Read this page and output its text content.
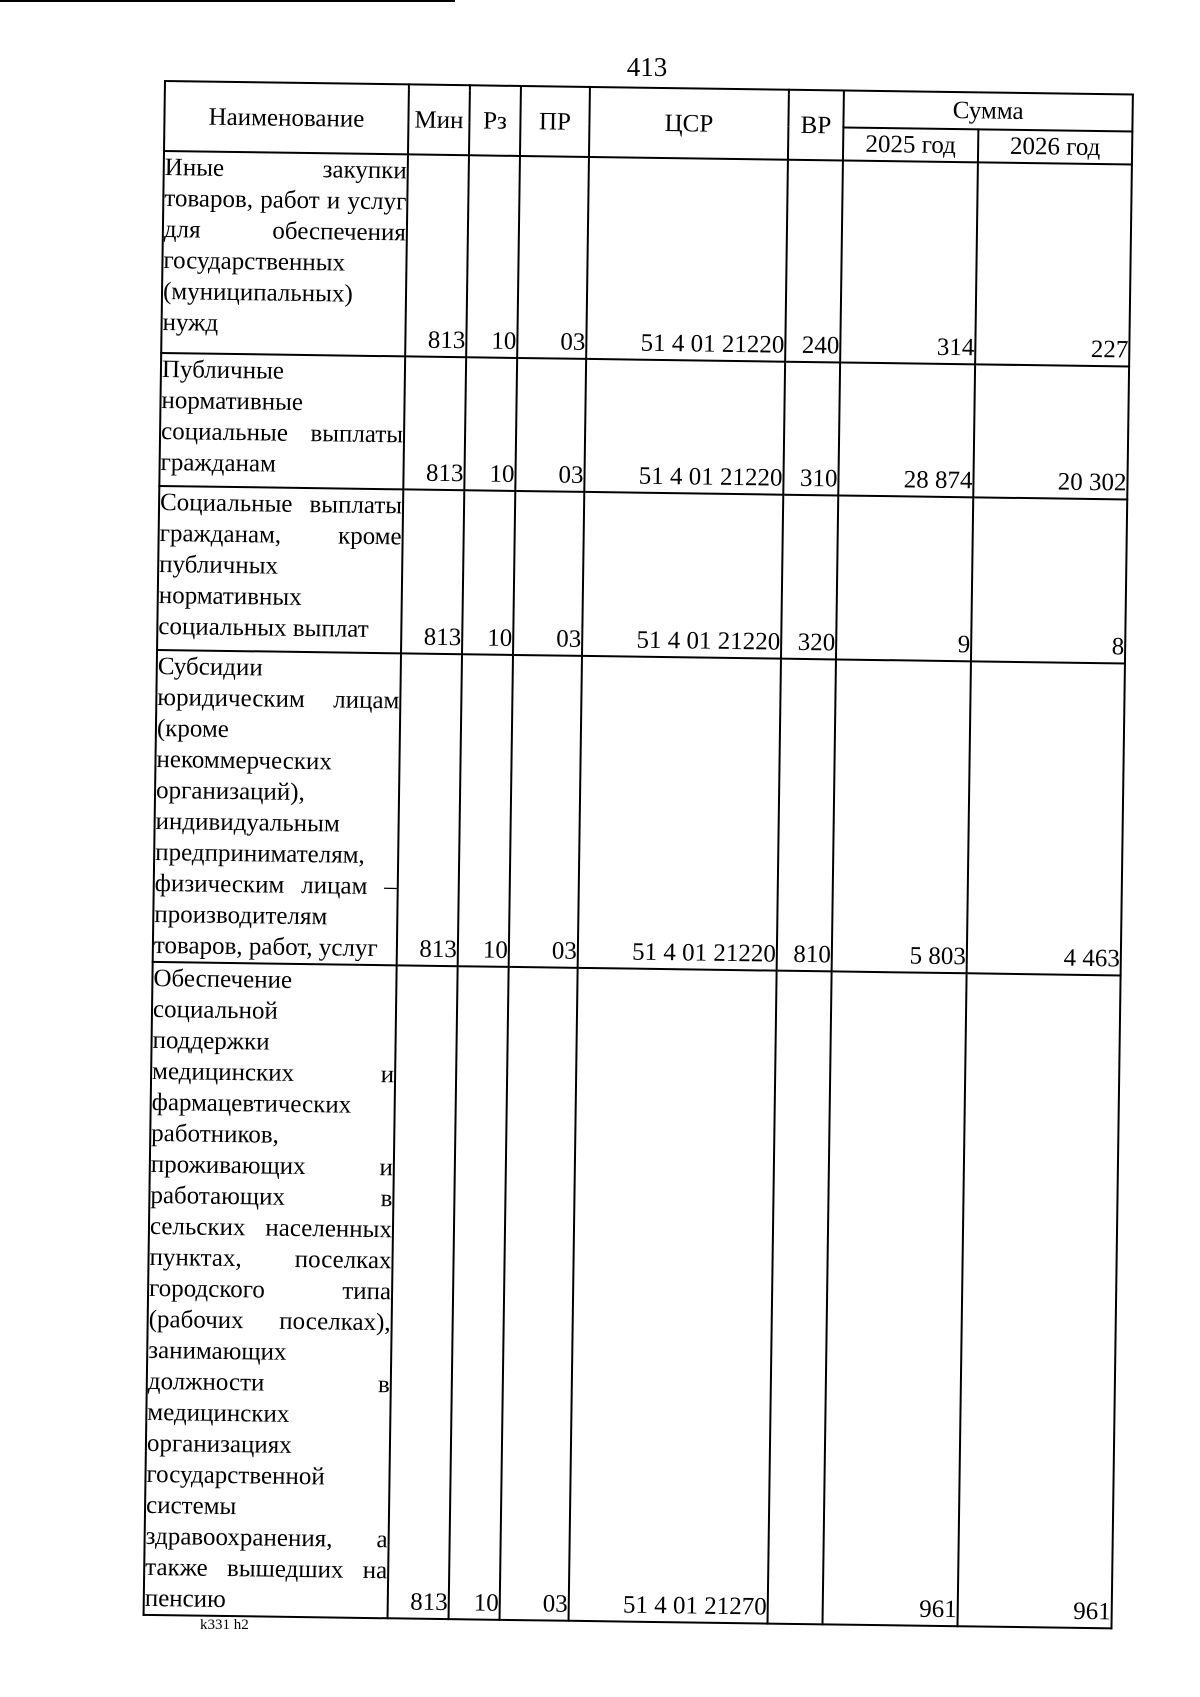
413
Наименование	Мин	Рз	ПР	ЦСР	ВР	Сумма	

						2025 год	2026 год
Иные закупки товаров, работ и услуг для обеспечения государственных (муниципальных) нужд	813	10	03	51 4 01 21220	240	314	227
Публичные нормативные социальные выплаты гражданам	813	10	03	51 4 01 21220	310	28 874	20 302
Социальные выплаты гражданам, кроме публичных нормативных социальных выплат	813	10	03	51 4 01 21220	320	9	8
Субсидии юридическим лицам (кроме некоммерческих организаций), индивидуальным предпринимателям, физическим лицам – производителям товаров, работ, услуг	813	10	03	51 4 01 21220	810	5 803	4 463
Обеспечение социальной поддержки медицинских и фармацевтических работников, проживающих и работающих в сельских населенных пунктах, поселках городского типа (рабочих поселках), занимающих должности в медицинских организациях государственной системы здравоохранения, а также вышедших на пенсию	813	10	03	51 4 01 21270		961	961
k331 h2
